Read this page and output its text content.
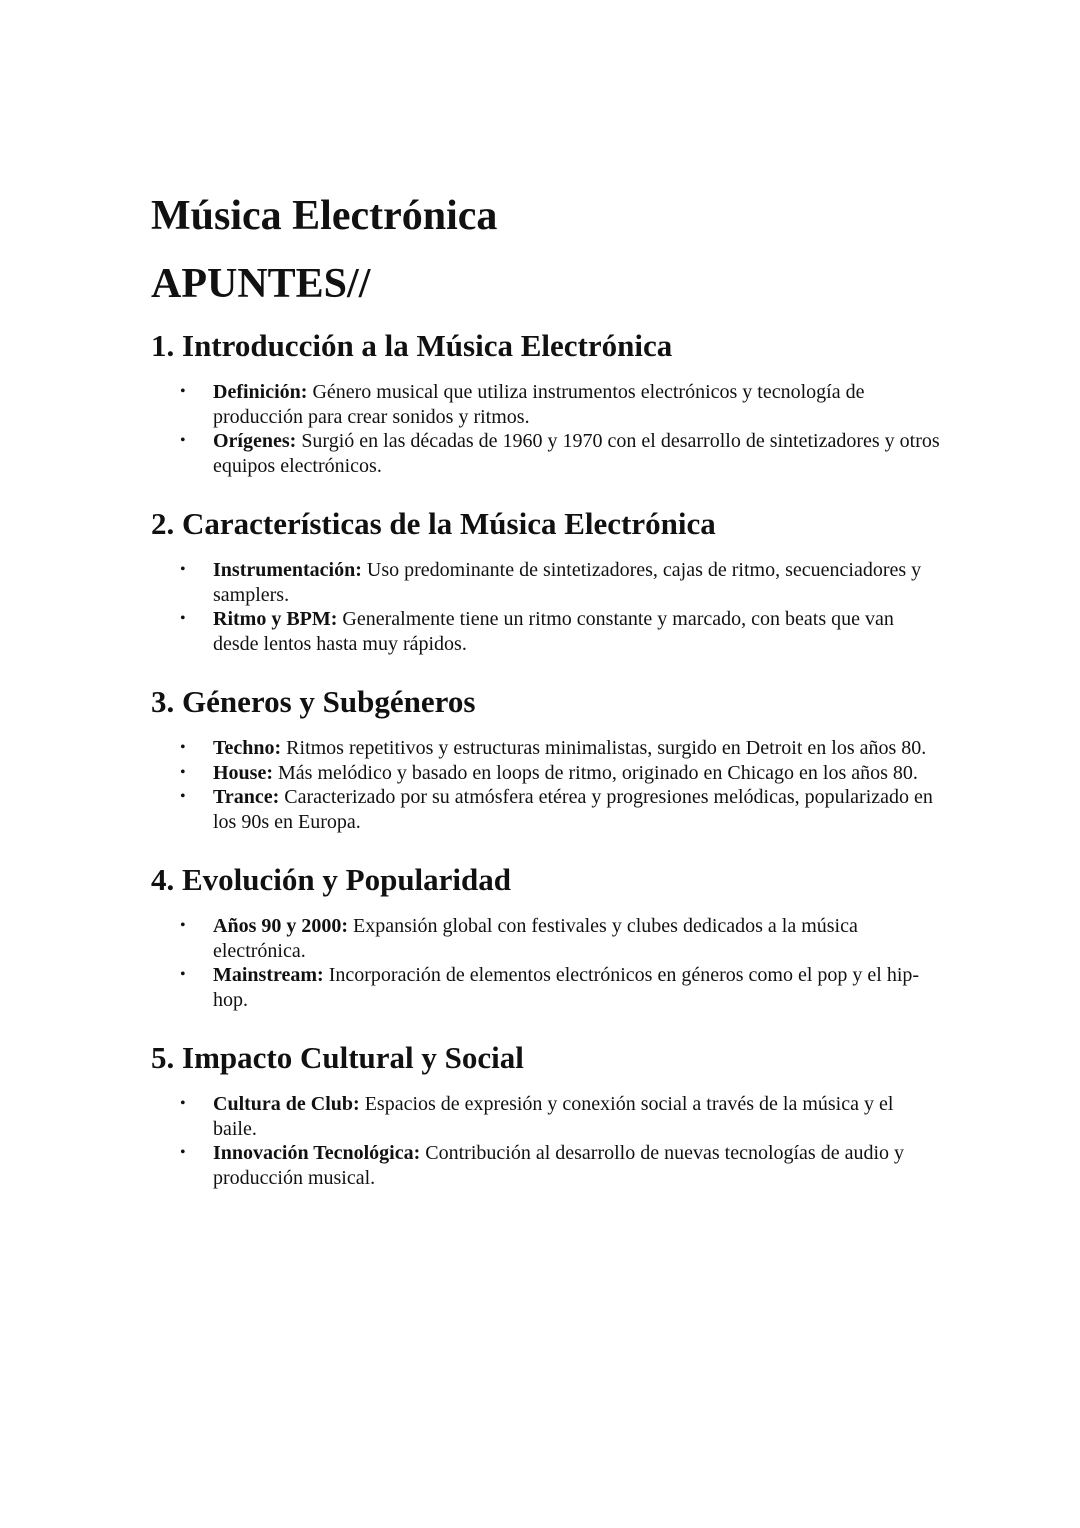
Música Electrónica
APUNTES//
1. Introducción a la Música Electrónica
• Definición: Género musical que utiliza instrumentos electrónicos y tecnología de producción para crear sonidos y ritmos.
• Orígenes: Surgió en las décadas de 1960 y 1970 con el desarrollo de sintetizadores y otros equipos electrónicos.
2. Características de la Música Electrónica
• Instrumentación: Uso predominante de sintetizadores, cajas de ritmo, secuenciadores y samplers.
• Ritmo y BPM: Generalmente tiene un ritmo constante y marcado, con beats que van desde lentos hasta muy rápidos.
3. Géneros y Subgéneros
• Techno: Ritmos repetitivos y estructuras minimalistas, surgido en Detroit en los años 80.
• House: Más melódico y basado en loops de ritmo, originado en Chicago en los años 80.
• Trance: Caracterizado por su atmósfera etérea y progresiones melódicas, popularizado en los 90s en Europa.
4. Evolución y Popularidad
• Años 90 y 2000: Expansión global con festivales y clubes dedicados a la música electrónica.
• Mainstream: Incorporación de elementos electrónicos en géneros como el pop y el hip-hop.
5. Impacto Cultural y Social
• Cultura de Club: Espacios de expresión y conexión social a través de la música y el baile.
• Innovación Tecnológica: Contribución al desarrollo de nuevas tecnologías de audio y producción musical.
